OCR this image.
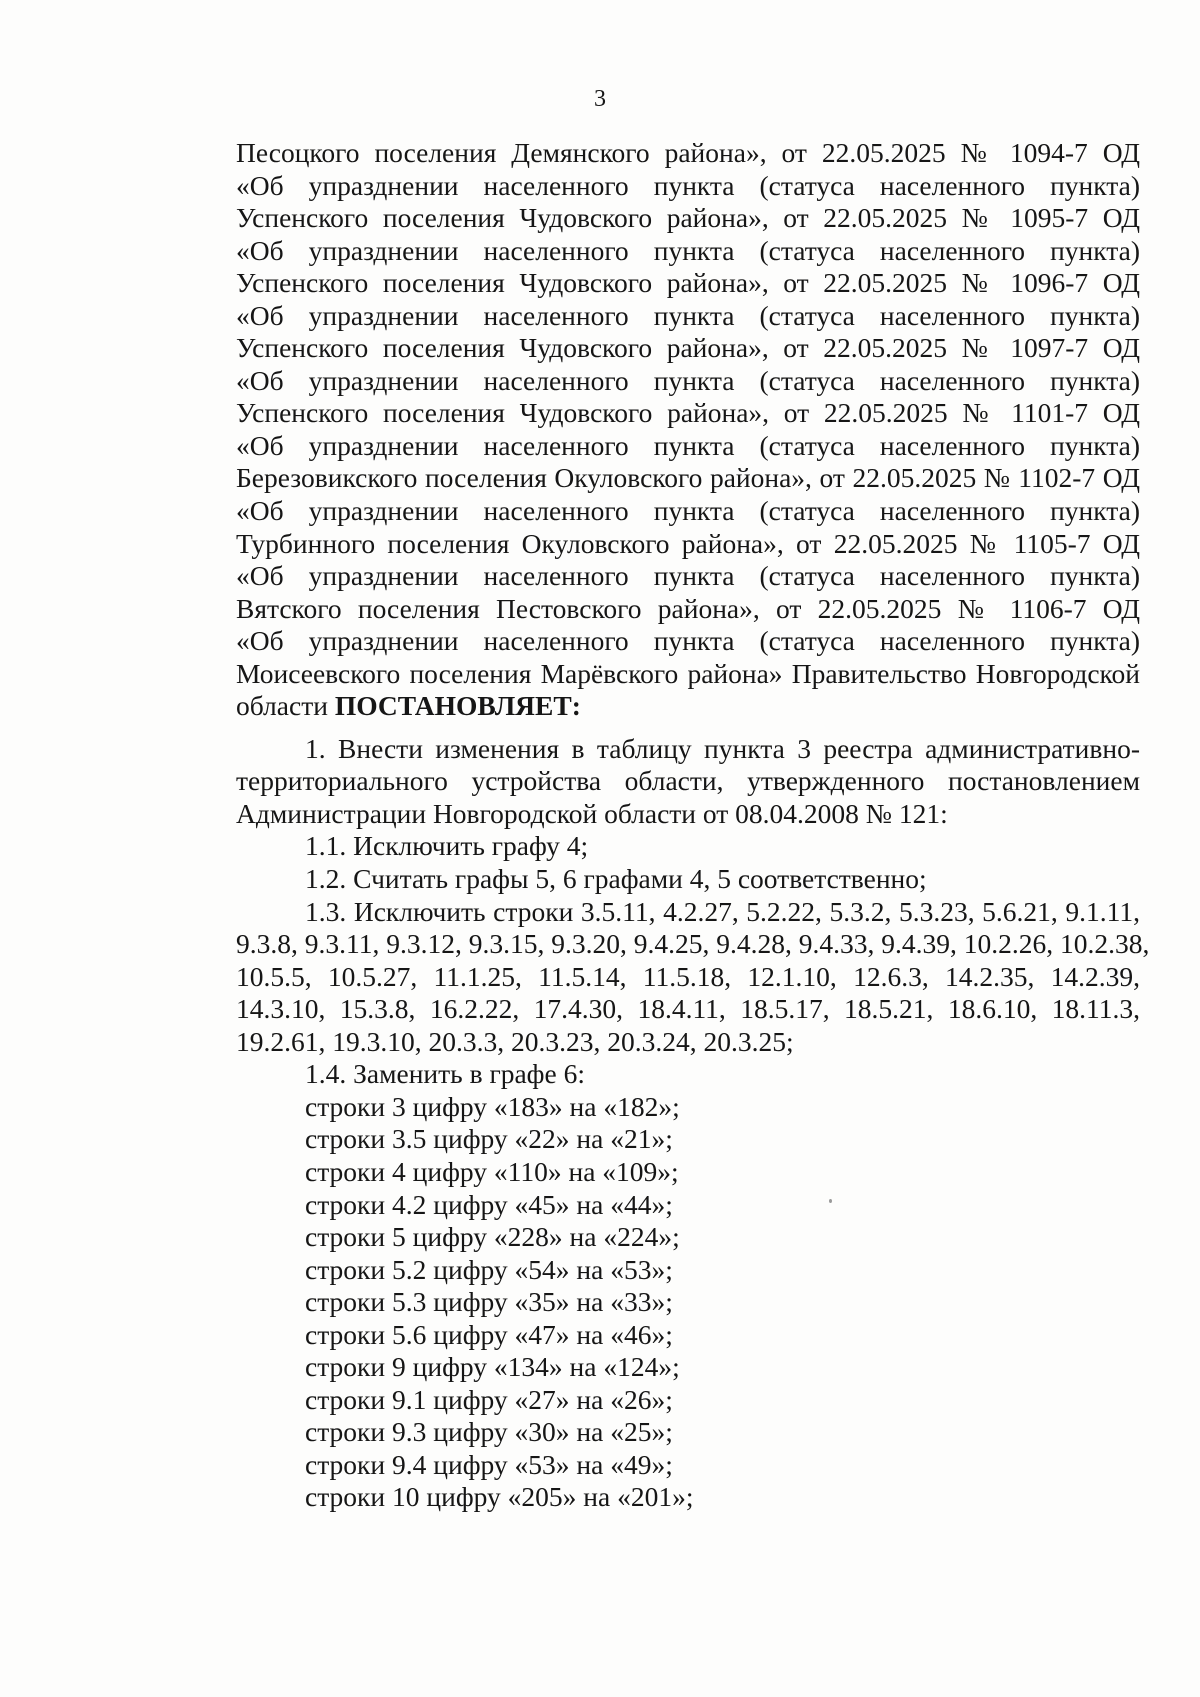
3
Песоцкого поселения Демянского района», от 22.05.2025 № 1094-7 ОД
«Об упразднении населенного пункта (статуса населенного пункта)
Успенского поселения Чудовского района», от 22.05.2025 № 1095-7 ОД
«Об упразднении населенного пункта (статуса населенного пункта)
Успенского поселения Чудовского района», от 22.05.2025 № 1096-7 ОД
«Об упразднении населенного пункта (статуса населенного пункта)
Успенского поселения Чудовского района», от 22.05.2025 № 1097-7 ОД
«Об упразднении населенного пункта (статуса населенного пункта)
Успенского поселения Чудовского района», от 22.05.2025 № 1101-7 ОД
«Об упразднении населенного пункта (статуса населенного пункта)
Березовикского поселения Окуловского района», от 22.05.2025 № 1102-7 ОД
«Об упразднении населенного пункта (статуса населенного пункта)
Турбинного поселения Окуловского района», от 22.05.2025 № 1105-7 ОД
«Об упразднении населенного пункта (статуса населенного пункта)
Вятского поселения Пестовского района», от 22.05.2025 № 1106-7 ОД
«Об упразднении населенного пункта (статуса населенного пункта)
Моисеевского поселения Марёвского района» Правительство Новгородской
области ПОСТАНОВЛЯЕТ:
1. Внести изменения в таблицу пункта 3 реестра административно-
территориального устройства области, утвержденного постановлением
Администрации Новгородской области от 08.04.2008 № 121:
1.1. Исключить графу 4;
1.2. Считать графы 5, 6 графами 4, 5 соответственно;
1.3. Исключить строки 3.5.11, 4.2.27, 5.2.22, 5.3.2, 5.3.23, 5.6.21, 9.1.11,
9.3.8, 9.3.11, 9.3.12, 9.3.15, 9.3.20, 9.4.25, 9.4.28, 9.4.33, 9.4.39, 10.2.26, 10.2.38,
10.5.5, 10.5.27, 11.1.25, 11.5.14, 11.5.18, 12.1.10, 12.6.3, 14.2.35, 14.2.39,
14.3.10, 15.3.8, 16.2.22, 17.4.30, 18.4.11, 18.5.17, 18.5.21, 18.6.10, 18.11.3,
19.2.61, 19.3.10, 20.3.3, 20.3.23, 20.3.24, 20.3.25;
1.4. Заменить в графе 6:
строки 3 цифру «183» на «182»;
строки 3.5 цифру «22» на «21»;
строки 4 цифру «110» на «109»;
строки 4.2 цифру «45» на «44»;
строки 5 цифру «228» на «224»;
строки 5.2 цифру «54» на «53»;
строки 5.3 цифру «35» на «33»;
строки 5.6 цифру «47» на «46»;
строки 9 цифру «134» на «124»;
строки 9.1 цифру «27» на «26»;
строки 9.3 цифру «30» на «25»;
строки 9.4 цифру «53» на «49»;
строки 10 цифру «205» на «201»;
